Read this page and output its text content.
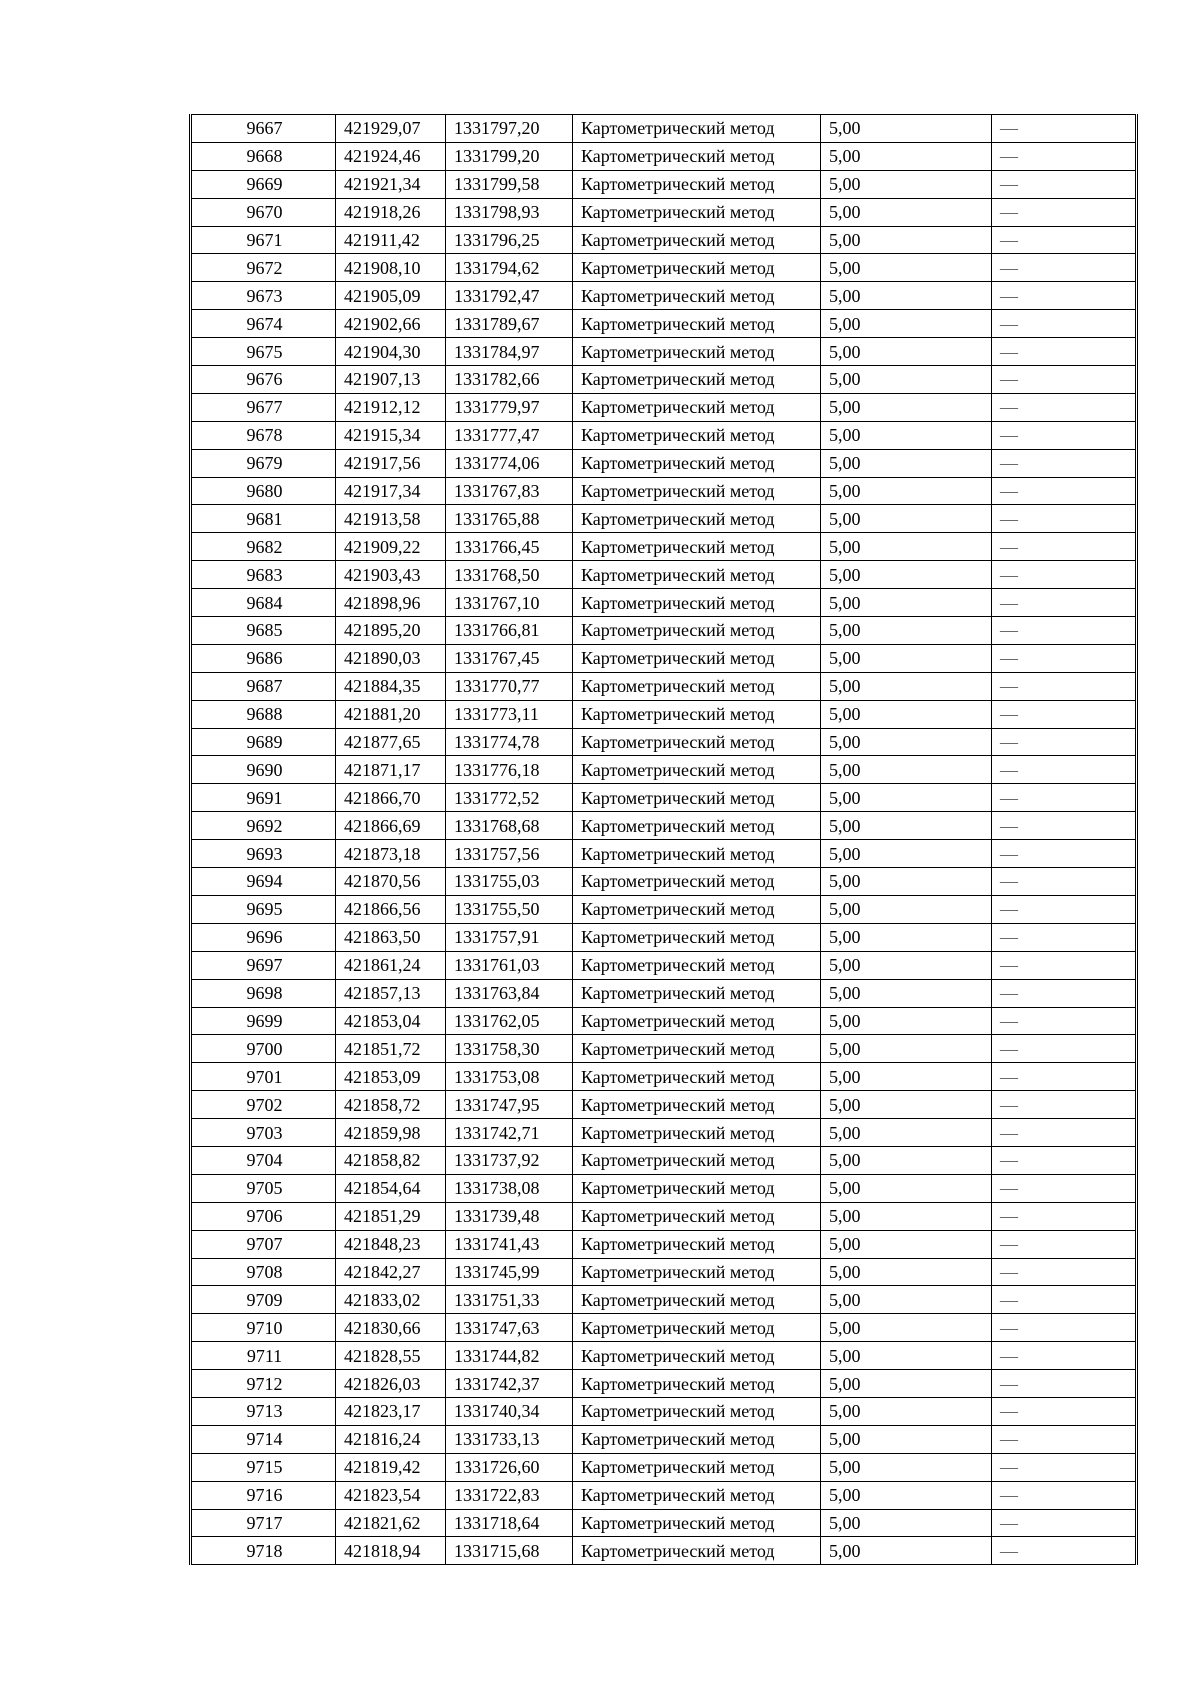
9667	421929,07	1331797,20	Картометрический метод	5,00	—
9668	421924,46	1331799,20	Картометрический метод	5,00	—
9669	421921,34	1331799,58	Картометрический метод	5,00	—
9670	421918,26	1331798,93	Картометрический метод	5,00	—
9671	421911,42	1331796,25	Картометрический метод	5,00	—
9672	421908,10	1331794,62	Картометрический метод	5,00	—
9673	421905,09	1331792,47	Картометрический метод	5,00	—
9674	421902,66	1331789,67	Картометрический метод	5,00	—
9675	421904,30	1331784,97	Картометрический метод	5,00	—
9676	421907,13	1331782,66	Картометрический метод	5,00	—
9677	421912,12	1331779,97	Картометрический метод	5,00	—
9678	421915,34	1331777,47	Картометрический метод	5,00	—
9679	421917,56	1331774,06	Картометрический метод	5,00	—
9680	421917,34	1331767,83	Картометрический метод	5,00	—
9681	421913,58	1331765,88	Картометрический метод	5,00	—
9682	421909,22	1331766,45	Картометрический метод	5,00	—
9683	421903,43	1331768,50	Картометрический метод	5,00	—
9684	421898,96	1331767,10	Картометрический метод	5,00	—
9685	421895,20	1331766,81	Картометрический метод	5,00	—
9686	421890,03	1331767,45	Картометрический метод	5,00	—
9687	421884,35	1331770,77	Картометрический метод	5,00	—
9688	421881,20	1331773,11	Картометрический метод	5,00	—
9689	421877,65	1331774,78	Картометрический метод	5,00	—
9690	421871,17	1331776,18	Картометрический метод	5,00	—
9691	421866,70	1331772,52	Картометрический метод	5,00	—
9692	421866,69	1331768,68	Картометрический метод	5,00	—
9693	421873,18	1331757,56	Картометрический метод	5,00	—
9694	421870,56	1331755,03	Картометрический метод	5,00	—
9695	421866,56	1331755,50	Картометрический метод	5,00	—
9696	421863,50	1331757,91	Картометрический метод	5,00	—
9697	421861,24	1331761,03	Картометрический метод	5,00	—
9698	421857,13	1331763,84	Картометрический метод	5,00	—
9699	421853,04	1331762,05	Картометрический метод	5,00	—
9700	421851,72	1331758,30	Картометрический метод	5,00	—
9701	421853,09	1331753,08	Картометрический метод	5,00	—
9702	421858,72	1331747,95	Картометрический метод	5,00	—
9703	421859,98	1331742,71	Картометрический метод	5,00	—
9704	421858,82	1331737,92	Картометрический метод	5,00	—
9705	421854,64	1331738,08	Картометрический метод	5,00	—
9706	421851,29	1331739,48	Картометрический метод	5,00	—
9707	421848,23	1331741,43	Картометрический метод	5,00	—
9708	421842,27	1331745,99	Картометрический метод	5,00	—
9709	421833,02	1331751,33	Картометрический метод	5,00	—
9710	421830,66	1331747,63	Картометрический метод	5,00	—
9711	421828,55	1331744,82	Картометрический метод	5,00	—
9712	421826,03	1331742,37	Картометрический метод	5,00	—
9713	421823,17	1331740,34	Картометрический метод	5,00	—
9714	421816,24	1331733,13	Картометрический метод	5,00	—
9715	421819,42	1331726,60	Картометрический метод	5,00	—
9716	421823,54	1331722,83	Картометрический метод	5,00	—
9717	421821,62	1331718,64	Картометрический метод	5,00	—
9718	421818,94	1331715,68	Картометрический метод	5,00	—
